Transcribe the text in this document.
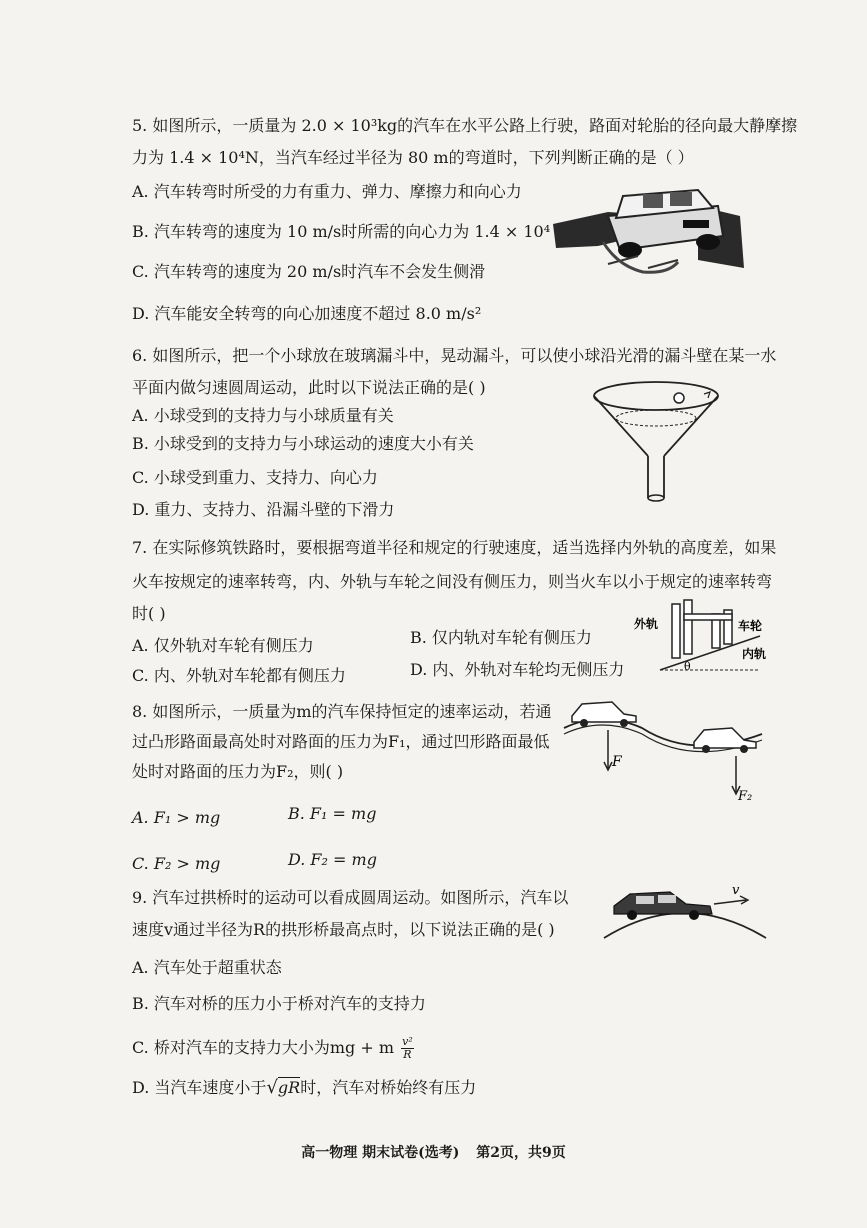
5. 如图所示，一质量为 2.0 × 10³kg的汽车在水平公路上行驶，路面对轮胎的径向最大静摩擦
力为 1.4 × 10⁴N，当汽车经过半径为 80 m的弯道时，下列判断正确的是（ ）
A. 汽车转弯时所受的力有重力、弹力、摩擦力和向心力
B. 汽车转弯的速度为 10 m/s时所需的向心力为 1.4 × 10⁴
C. 汽车转弯的速度为 20 m/s时汽车不会发生侧滑
D. 汽车能安全转弯的向心加速度不超过 8.0 m/s²
6. 如图所示，把一个小球放在玻璃漏斗中，晃动漏斗，可以使小球沿光滑的漏斗壁在某一水
平面内做匀速圆周运动，此时以下说法正确的是( )
A. 小球受到的支持力与小球质量有关
B. 小球受到的支持力与小球运动的速度大小有关
C. 小球受到重力、支持力、向心力
D. 重力、支持力、沿漏斗壁的下滑力
7. 在实际修筑铁路时，要根据弯道半径和规定的行驶速度，适当选择内外轨的高度差，如果
火车按规定的速率转弯，内、外轨与车轮之间没有侧压力，则当火车以小于规定的速率转弯
时( )
A. 仅外轨对车轮有侧压力	B. 仅内轨对车轮有侧压力
C. 内、外轨对车轮都有侧压力	D. 内、外轨对车轮均无侧压力
外轨	车轮
内轨
θ
8. 如图所示，一质量为m的汽车保持恒定的速率运动，若通
过凸形路面最高处时对路面的压力为F₁，通过凹形路面最低
处时对路面的压力为F₂，则( )
A. F₁ > mg	B. F₁ = mg
C. F₂ > mg	D. F₂ = mg
F
F₂
9. 汽车过拱桥时的运动可以看成圆周运动。如图所示，汽车以
速度v通过半径为R的拱形桥最高点时，以下说法正确的是( )
A. 汽车处于超重状态
B. 汽车对桥的压力小于桥对汽车的支持力
C. 桥对汽车的支持力大小为mg + m $\frac{\text{v²}}{R}$
D. 当汽车速度小于√gR时，汽车对桥始终有压力
v
高一物理 期末试卷(选考) 第2页，共9页
